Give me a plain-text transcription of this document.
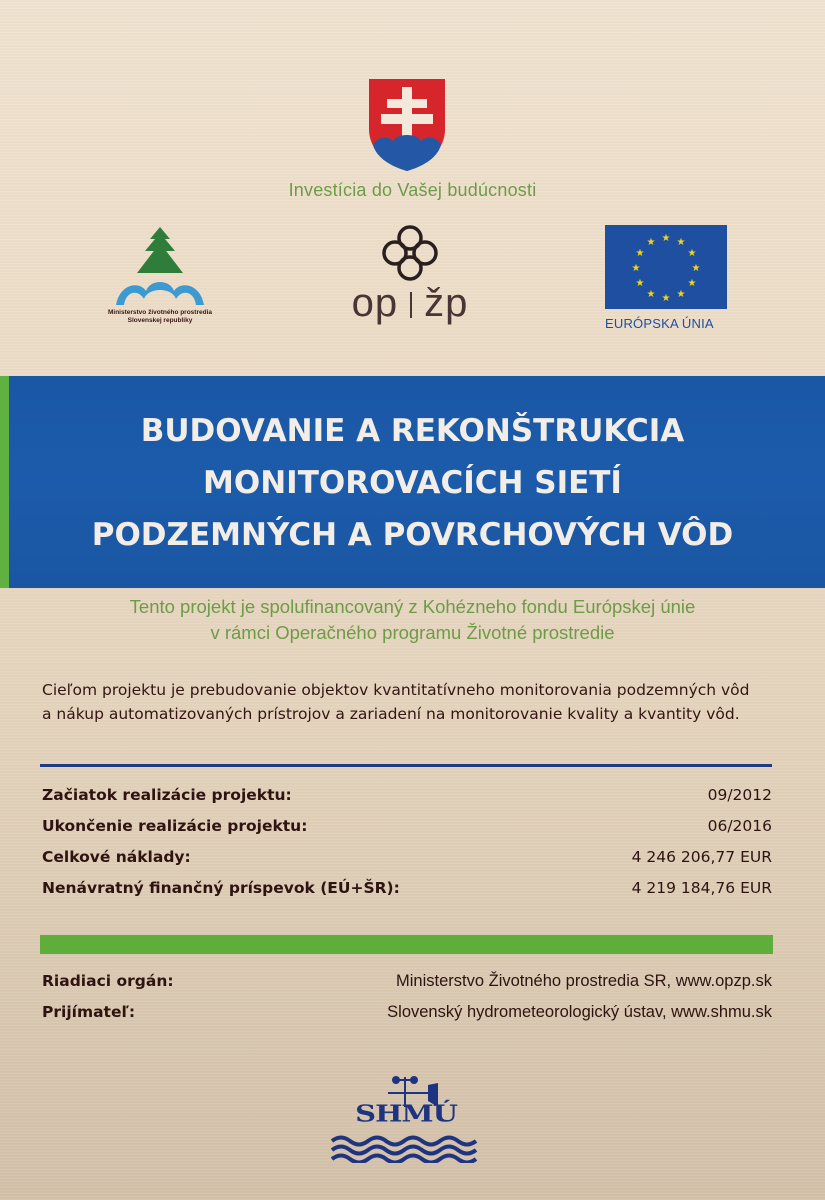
Investícia do Vašej budúcnosti
Ministerstvo životného prostredia
Slovenskej republiky	op žp
★ ★
★
★
★
★
★
★
★
★
★
★
EURÓPSKA ÚNIA
BUDOVANIE A REKONŠTRUKCIA
MONITOROVACÍCH SIETÍ
PODZEMNÝCH A POVRCHOVÝCH VÔD
Tento projekt je spolufinancovaný z Kohézneho fondu Európskej únie
v rámci Operačného programu Životné prostredie
Cieľom projektu je prebudovanie objektov kvantitatívneho monitorovania podzemných vôd
a nákup automatizovaných prístrojov a zariadení na monitorovanie kvality a kvantity vôd.
Začiatok realizácie projektu:	09/2012
Ukončenie realizácie projektu:	06/2016
Celkové náklady:	4 246 206,77 EUR
Nenávratný finančný príspevok (EÚ+ŠR):	4 219 184,76 EUR
Riadiaci orgán:	Ministerstvo Životného prostredia SR, www.opzp.sk
Prijímateľ:	Slovenský hydrometeorologický ústav, www.shmu.sk
SHMÚ
